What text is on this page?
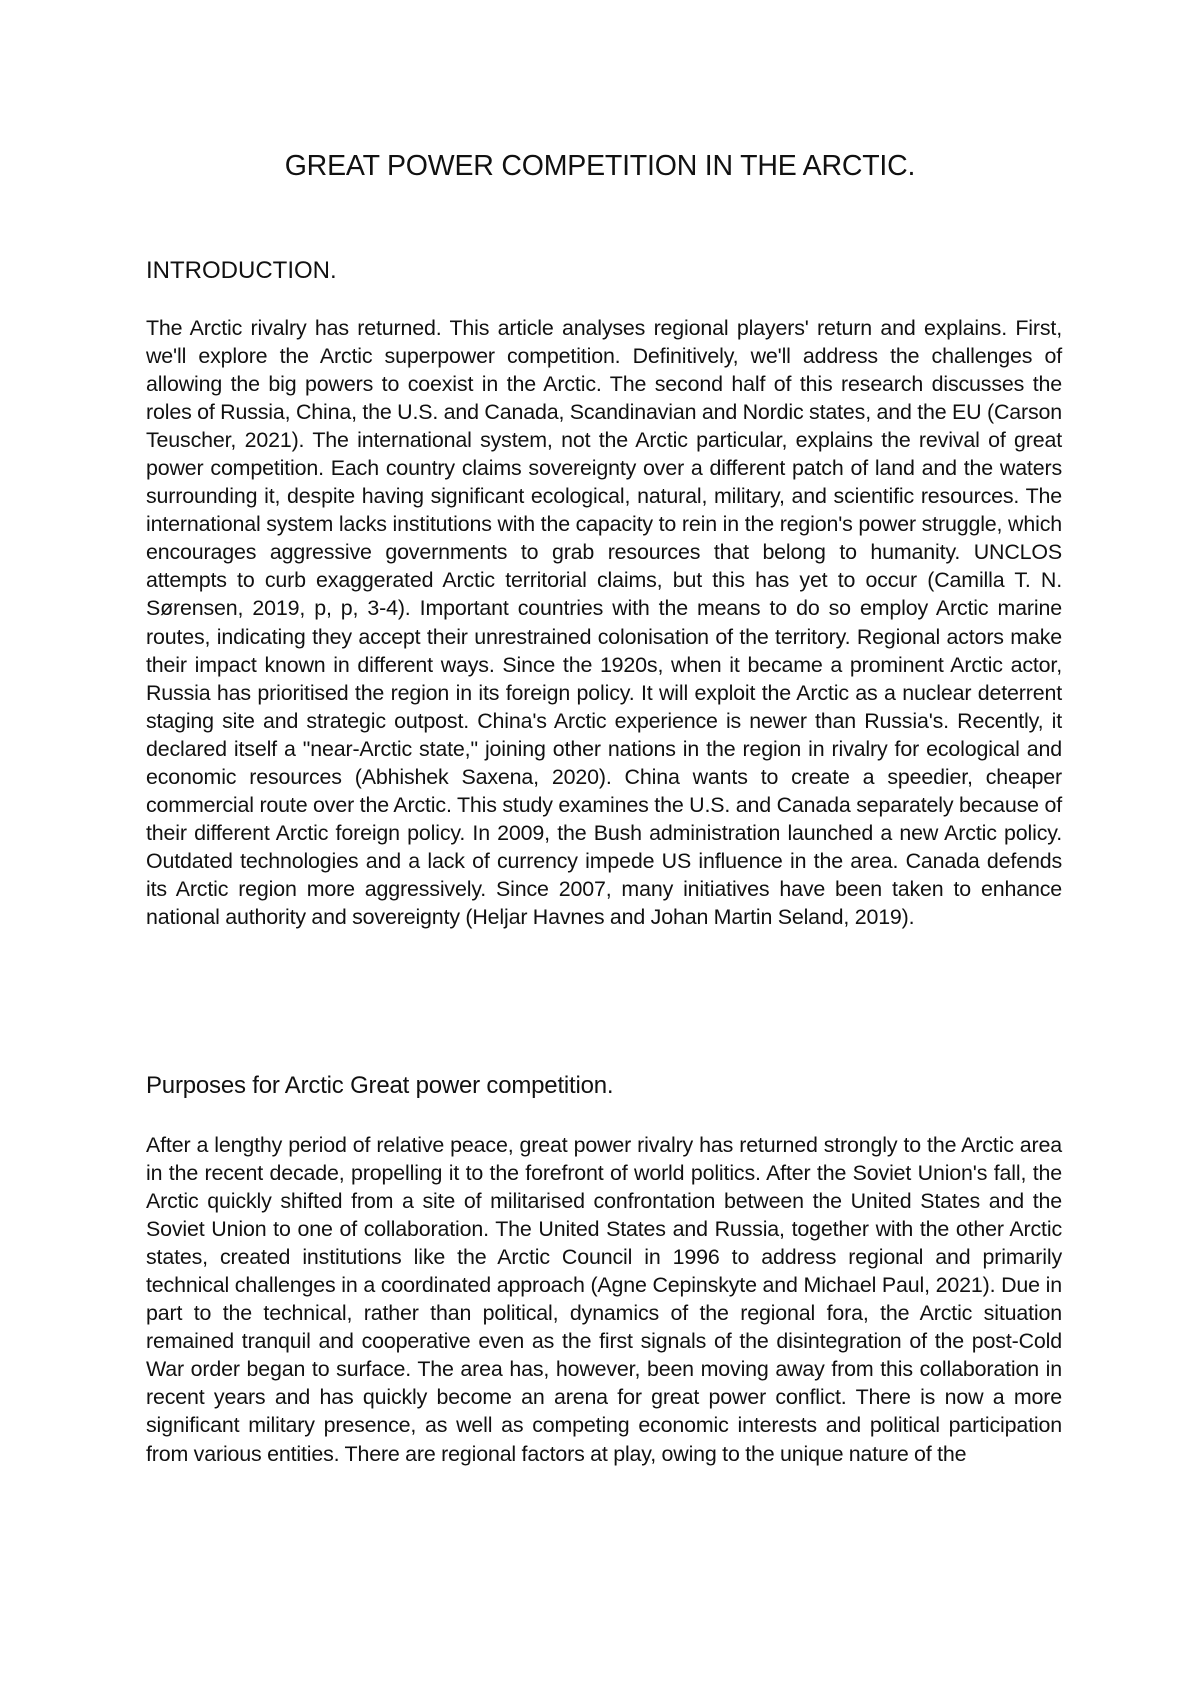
GREAT POWER COMPETITION IN THE ARCTIC.
INTRODUCTION.

The Arctic rivalry has returned. This article analyses regional players' return and explains. First, we'll explore the Arctic superpower competition. Definitively, we'll address the challenges of allowing the big powers to coexist in the Arctic. The second half of this research discusses the roles of Russia, China, the U.S. and Canada, Scandinavian and Nordic states, and the EU (Carson Teuscher, 2021). The international system, not the Arctic particular, explains the revival of great power competition. Each country claims sovereignty over a different patch of land and the waters surrounding it, despite having significant ecological, natural, military, and scientific resources. The international system lacks institutions with the capacity to rein in the region's power struggle, which encourages aggressive governments to grab resources that belong to humanity. UNCLOS attempts to curb exaggerated Arctic territorial claims, but this has yet to occur (Camilla T. N. Sørensen, 2019, p, p, 3-4). Important countries with the means to do so employ Arctic marine routes, indicating they accept their unrestrained colonisation of the territory. Regional actors make their impact known in different ways. Since the 1920s, when it became a prominent Arctic actor, Russia has prioritised the region in its foreign policy. It will exploit the Arctic as a nuclear deterrent staging site and strategic outpost. China's Arctic experience is newer than Russia's. Recently, it declared itself a "near-Arctic state," joining other nations in the region in rivalry for ecological and economic resources (Abhishek Saxena, 2020). China wants to create a speedier, cheaper commercial route over the Arctic. This study examines the U.S. and Canada separately because of their different Arctic foreign policy. In 2009, the Bush administration launched a new Arctic policy. Outdated technologies and a lack of currency impede US influence in the area. Canada defends its Arctic region more aggressively. Since 2007, many initiatives have been taken to enhance national authority and sovereignty (Heljar Havnes and Johan Martin Seland, 2019).

Purposes for Arctic Great power competition.

After a lengthy period of relative peace, great power rivalry has returned strongly to the Arctic area in the recent decade, propelling it to the forefront of world politics. After the Soviet Union's fall, the Arctic quickly shifted from a site of militarised confrontation between the United States and the Soviet Union to one of collaboration. The United States and Russia, together with the other Arctic states, created institutions like the Arctic Council in 1996 to address regional and primarily technical challenges in a coordinated approach (Agne Cepinskyte and Michael Paul, 2021). Due in part to the technical, rather than political, dynamics of the regional fora, the Arctic situation remained tranquil and cooperative even as the first signals of the disintegration of the post-Cold War order began to surface. The area has, however, been moving away from this collaboration in recent years and has quickly become an arena for great power conflict. There is now a more significant military presence, as well as competing economic interests and political participation from various entities. There are regional factors at play, owing to the unique nature of the
